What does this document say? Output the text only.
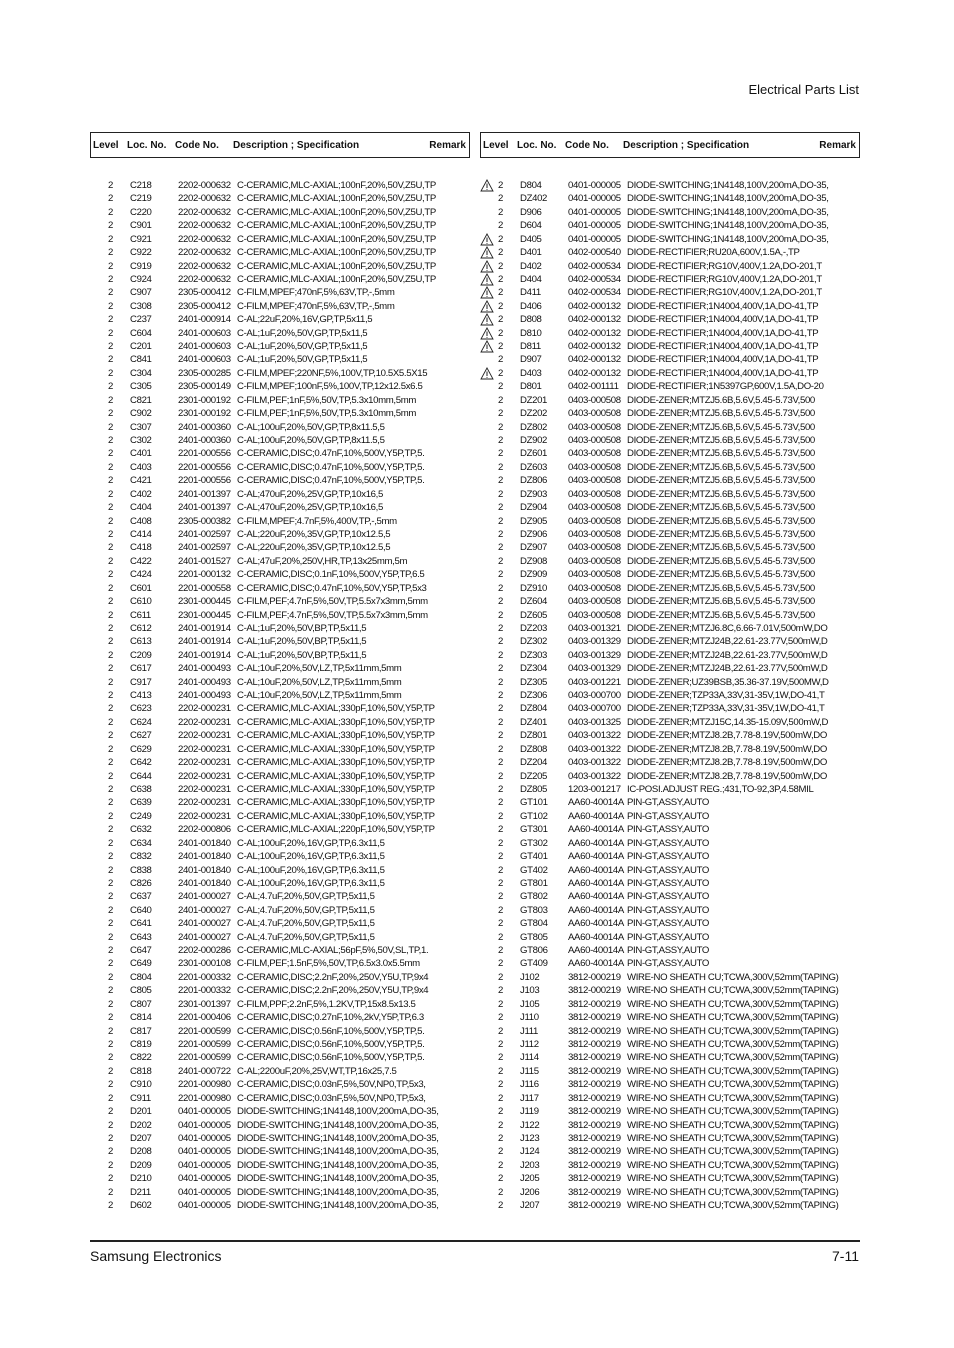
Electrical Parts List
Level Loc. No. Code No. Description ; Specification	Remark
2 C218	2202-000632 C-CERAMIC,MLC-AXIAL;100nF,20%,50V,Z5U,TP
2 C219	2202-000632 C-CERAMIC,MLC-AXIAL;100nF,20%,50V,Z5U,TP
2 C220	2202-000632 C-CERAMIC,MLC-AXIAL;100nF,20%,50V,Z5U,TP
2 C901	2202-000632 C-CERAMIC,MLC-AXIAL;100nF,20%,50V,Z5U,TP
2 C921	2202-000632 C-CERAMIC,MLC-AXIAL;100nF,20%,50V,Z5U,TP
2 C922	2202-000632 C-CERAMIC,MLC-AXIAL;100nF,20%,50V,Z5U,TP
2 C919	2202-000632 C-CERAMIC,MLC-AXIAL;100nF,20%,50V,Z5U,TP
2 C924	2202-000632 C-CERAMIC,MLC-AXIAL;100nF,20%,50V,Z5U,TP
2 C907	2305-000412 C-FILM,MPEF;470nF,5%,63V,TP,-,5mm
2 C308	2305-000412 C-FILM,MPEF;470nF,5%,63V,TP,-,5mm
2 C237	2401-000914 C-AL;22uF,20%,16V,GP,TP,5x11,5
2 C604	2401-000603 C-AL;1uF,20%,50V,GP,TP,5x11,5
2 C201	2401-000603 C-AL;1uF,20%,50V,GP,TP,5x11,5
2 C841	2401-000603 C-AL;1uF,20%,50V,GP,TP,5x11,5
2 C304	2305-000285 C-FILM,MPEF;220NF,5%,100V,TP,10.5X5.5X15
2 C305	2305-000149 C-FILM,MPEF;100nF,5%,100V,TP,12x12.5x6.5
2 C821	2301-000192 C-FILM,PEF;1nF,5%,50V,TP,5.3x10mm,5mm
2 C902	2301-000192 C-FILM,PEF;1nF,5%,50V,TP,5.3x10mm,5mm
2 C307	2401-000360 C-AL;100uF,20%,50V,GP,TP,8x11.5,5
2 C302	2401-000360 C-AL;100uF,20%,50V,GP,TP,8x11.5,5
2 C401	2201-000556 C-CERAMIC,DISC;0.47nF,10%,500V,Y5P,TP,5.
2 C403	2201-000556 C-CERAMIC,DISC;0.47nF,10%,500V,Y5P,TP,5.
2 C421	2201-000556 C-CERAMIC,DISC;0.47nF,10%,500V,Y5P,TP,5.
2 C402	2401-001397 C-AL;470uF,20%,25V,GP,TP,10x16,5
2 C404	2401-001397 C-AL;470uF,20%,25V,GP,TP,10x16,5
2 C408	2305-000382 C-FILM,MPEF;4.7nF,5%,400V,TP,-,5mm
2 C414	2401-002597 C-AL;220uF,20%,35V,GP,TP,10x12.5,5
2 C418	2401-002597 C-AL;220uF,20%,35V,GP,TP,10x12.5,5
2 C422	2401-001527 C-AL;47uF,20%,250V,HR,TP,13x25mm,5m
2 C424	2201-000132 C-CERAMIC,DISC;0.1nF,10%,500V,Y5P,TP,6.5
2 C601	2201-000558 C-CERAMIC,DISC;0.47nF,10%,50V,Y5P,TP,5x3
2 C610	2301-000445 C-FILM,PEF;4.7nF,5%,50V,TP,5.5x7x3mm,5mm
2 C611	2301-000445 C-FILM,PEF;4.7nF,5%,50V,TP,5.5x7x3mm,5mm
2 C612	2401-001914 C-AL;1uF,20%,50V,BP,TP,5x11,5
2 C613	2401-001914 C-AL;1uF,20%,50V,BP,TP,5x11,5
2 C209	2401-001914 C-AL;1uF,20%,50V,BP,TP,5x11,5
2 C617	2401-000493 C-AL;10uF,20%,50V,LZ,TP,5x11mm,5mm
2 C917	2401-000493 C-AL;10uF,20%,50V,LZ,TP,5x11mm,5mm
2 C413	2401-000493 C-AL;10uF,20%,50V,LZ,TP,5x11mm,5mm
2 C623	2202-000231 C-CERAMIC,MLC-AXIAL;330pF,10%,50V,Y5P,TP
2 C624	2202-000231 C-CERAMIC,MLC-AXIAL;330pF,10%,50V,Y5P,TP
2 C627	2202-000231 C-CERAMIC,MLC-AXIAL;330pF,10%,50V,Y5P,TP
2 C629	2202-000231 C-CERAMIC,MLC-AXIAL;330pF,10%,50V,Y5P,TP
2 C642	2202-000231 C-CERAMIC,MLC-AXIAL;330pF,10%,50V,Y5P,TP
2 C644	2202-000231 C-CERAMIC,MLC-AXIAL;330pF,10%,50V,Y5P,TP
2 C638	2202-000231 C-CERAMIC,MLC-AXIAL;330pF,10%,50V,Y5P,TP
2 C639	2202-000231 C-CERAMIC,MLC-AXIAL;330pF,10%,50V,Y5P,TP
2 C249	2202-000231 C-CERAMIC,MLC-AXIAL;330pF,10%,50V,Y5P,TP
2 C632	2202-000806 C-CERAMIC,MLC-AXIAL;220pF,10%,50V,Y5P,TP
2 C634	2401-001840 C-AL;100uF,20%,16V,GP,TP,6.3x11,5
2 C832	2401-001840 C-AL;100uF,20%,16V,GP,TP,6.3x11,5
2 C838	2401-001840 C-AL;100uF,20%,16V,GP,TP,6.3x11,5
2 C826	2401-001840 C-AL;100uF,20%,16V,GP,TP,6.3x11,5
2 C637	2401-000027 C-AL;4.7uF,20%,50V,GP,TP,5x11,5
2 C640	2401-000027 C-AL;4.7uF,20%,50V,GP,TP,5x11,5
2 C641	2401-000027 C-AL;4.7uF,20%,50V,GP,TP,5x11,5
2 C643	2401-000027 C-AL;4.7uF,20%,50V,GP,TP,5x11,5
2 C647	2202-000286 C-CERAMIC,MLC-AXIAL;56pF,5%,50V,SL,TP,1.
2 C649	2301-000108 C-FILM,PEF;1.5nF,5%,50V,TP,6.5x3.0x5.5mm
2 C804	2201-000332 C-CERAMIC,DISC;2.2nF,20%,250V,Y5U,TP,9x4
2 C805	2201-000332 C-CERAMIC,DISC;2.2nF,20%,250V,Y5U,TP,9x4
2 C807	2301-001397 C-FILM,PPF;2.2nF,5%,1.2KV,TP,15x8.5x13.5
2 C814	2201-000406 C-CERAMIC,DISC;0.27nF,10%,2kV,Y5P,TP,6.3
2 C817	2201-000599 C-CERAMIC,DISC;0.56nF,10%,500V,Y5P,TP,5.
2 C819	2201-000599 C-CERAMIC,DISC;0.56nF,10%,500V,Y5P,TP,5.
2 C822	2201-000599 C-CERAMIC,DISC;0.56nF,10%,500V,Y5P,TP,5.
2 C818	2401-000722 C-AL;2200uF,20%,25V,WT,TP,16x25,7.5
2 C910	2201-000980 C-CERAMIC,DISC;0.03nF,5%,50V,NP0,TP,5x3,
2 C911	2201-000980 C-CERAMIC,DISC;0.03nF,5%,50V,NP0,TP,5x3,
2 D201	0401-000005 DIODE-SWITCHING;1N4148,100V,200mA,DO-35,
2 D202	0401-000005 DIODE-SWITCHING;1N4148,100V,200mA,DO-35,
2 D207	0401-000005 DIODE-SWITCHING;1N4148,100V,200mA,DO-35,
2 D208	0401-000005 DIODE-SWITCHING;1N4148,100V,200mA,DO-35,
2 D209	0401-000005 DIODE-SWITCHING;1N4148,100V,200mA,DO-35,
2 D210	0401-000005 DIODE-SWITCHING;1N4148,100V,200mA,DO-35,
2 D211	0401-000005 DIODE-SWITCHING;1N4148,100V,200mA,DO-35,
2 D602	0401-000005 DIODE-SWITCHING;1N4148,100V,200mA,DO-35,
Level Loc. No. Code No. Description ; Specification	Remark
2 D804	0401-000005 DIODE-SWITCHING;1N4148,100V,200mA,DO-35,
2 DZ402 0401-000005 DIODE-SWITCHING;1N4148,100V,200mA,DO-35,
2 D906	0401-000005 DIODE-SWITCHING;1N4148,100V,200mA,DO-35,
2 D604	0401-000005 DIODE-SWITCHING;1N4148,100V,200mA,DO-35,
2 D405	0401-000005 DIODE-SWITCHING;1N4148,100V,200mA,DO-35,
2 D401	0402-000540 DIODE-RECTIFIER;RU20A,600V,1.5A,-,TP
2 D402	0402-000534 DIODE-RECTIFIER;RG10V,400V,1.2A,DO-201,T
2 D404	0402-000534 DIODE-RECTIFIER;RG10V,400V,1.2A,DO-201,T
2 D411	0402-000534 DIODE-RECTIFIER;RG10V,400V,1.2A,DO-201,T
2 D406	0402-000132 DIODE-RECTIFIER;1N4004,400V,1A,DO-41,TP
2 D808	0402-000132 DIODE-RECTIFIER;1N4004,400V,1A,DO-41,TP
2 D810	0402-000132 DIODE-RECTIFIER;1N4004,400V,1A,DO-41,TP
2 D811	0402-000132 DIODE-RECTIFIER;1N4004,400V,1A,DO-41,TP
2 D907	0402-000132 DIODE-RECTIFIER;1N4004,400V,1A,DO-41,TP
2 D403	0402-000132 DIODE-RECTIFIER;1N4004,400V,1A,DO-41,TP
2 D801	0402-001111 DIODE-RECTIFIER;1N5397GP,600V,1.5A,DO-20
2 DZ201 0403-000508 DIODE-ZENER;MTZJ5.6B,5.6V,5.45-5.73V,500
2 DZ202 0403-000508 DIODE-ZENER;MTZJ5.6B,5.6V,5.45-5.73V,500
2 DZ802 0403-000508 DIODE-ZENER;MTZJ5.6B,5.6V,5.45-5.73V,500
2 DZ902 0403-000508 DIODE-ZENER;MTZJ5.6B,5.6V,5.45-5.73V,500
2 DZ601 0403-000508 DIODE-ZENER;MTZJ5.6B,5.6V,5.45-5.73V,500
2 DZ603 0403-000508 DIODE-ZENER;MTZJ5.6B,5.6V,5.45-5.73V,500
2 DZ806 0403-000508 DIODE-ZENER;MTZJ5.6B,5.6V,5.45-5.73V,500
2 DZ903 0403-000508 DIODE-ZENER;MTZJ5.6B,5.6V,5.45-5.73V,500
2 DZ904 0403-000508 DIODE-ZENER;MTZJ5.6B,5.6V,5.45-5.73V,500
2 DZ905 0403-000508 DIODE-ZENER;MTZJ5.6B,5.6V,5.45-5.73V,500
2 DZ906 0403-000508 DIODE-ZENER;MTZJ5.6B,5.6V,5.45-5.73V,500
2 DZ907 0403-000508 DIODE-ZENER;MTZJ5.6B,5.6V,5.45-5.73V,500
2 DZ908 0403-000508 DIODE-ZENER;MTZJ5.6B,5.6V,5.45-5.73V,500
2 DZ909 0403-000508 DIODE-ZENER;MTZJ5.6B,5.6V,5.45-5.73V,500
2 DZ910 0403-000508 DIODE-ZENER;MTZJ5.6B,5.6V,5.45-5.73V,500
2 DZ604 0403-000508 DIODE-ZENER;MTZJ5.6B,5.6V,5.45-5.73V,500
2 DZ605 0403-000508 DIODE-ZENER;MTZJ5.6B,5.6V,5.45-5.73V,500
2 DZ203 0403-001321 DIODE-ZENER;MTZJ6.8C,6.66-7.01V,500mW,DO
2 DZ302 0403-001329 DIODE-ZENER;MTZJ24B,22.61-23.77V,500mW,D
2 DZ303 0403-001329 DIODE-ZENER;MTZJ24B,22.61-23.77V,500mW,D
2 DZ304 0403-001329 DIODE-ZENER;MTZJ24B,22.61-23.77V,500mW,D
2 DZ305 0403-001221 DIODE-ZENER;UZ39BSB,35.36-37.19V,500MW,D
2 DZ306 0403-000700 DIODE-ZENER;TZP33A,33V,31-35V,1W,DO-41,T
2 DZ804 0403-000700 DIODE-ZENER;TZP33A,33V,31-35V,1W,DO-41,T
2 DZ401 0403-001325 DIODE-ZENER;MTZJ15C,14.35-15.09V,500mW,D
2 DZ801 0403-001322 DIODE-ZENER;MTZJ8.2B,7.78-8.19V,500mW,DO
2 DZ808 0403-001322 DIODE-ZENER;MTZJ8.2B,7.78-8.19V,500mW,DO
2 DZ204 0403-001322 DIODE-ZENER;MTZJ8.2B,7.78-8.19V,500mW,DO
2 DZ205 0403-001322 DIODE-ZENER;MTZJ8.2B,7.78-8.19V,500mW,DO
2 DZ805 1203-001217 IC-POSI.ADJUST REG.;431,TO-92,3P,4.58MIL
2 GT101 AA60-40014A PIN-GT,ASSY,AUTO
2 GT102 AA60-40014A PIN-GT,ASSY,AUTO
2 GT301 AA60-40014A PIN-GT,ASSY,AUTO
2 GT302 AA60-40014A PIN-GT,ASSY,AUTO
2 GT401 AA60-40014A PIN-GT,ASSY,AUTO
2 GT402 AA60-40014A PIN-GT,ASSY,AUTO
2 GT801 AA60-40014A PIN-GT,ASSY,AUTO
2 GT802 AA60-40014A PIN-GT,ASSY,AUTO
2 GT803 AA60-40014A PIN-GT,ASSY,AUTO
2 GT804 AA60-40014A PIN-GT,ASSY,AUTO
2 GT805 AA60-40014A PIN-GT,ASSY,AUTO
2 GT806 AA60-40014A PIN-GT,ASSY,AUTO
2 GT409 AA60-40014A PIN-GT,ASSY,AUTO
2 J102	3812-000219 WIRE-NO SHEATH CU;TCWA,300V,52mm(TAPING)
2 J103	3812-000219 WIRE-NO SHEATH CU;TCWA,300V,52mm(TAPING)
2 J105	3812-000219 WIRE-NO SHEATH CU;TCWA,300V,52mm(TAPING)
2 J110	3812-000219 WIRE-NO SHEATH CU;TCWA,300V,52mm(TAPING)
2 J111	3812-000219 WIRE-NO SHEATH CU;TCWA,300V,52mm(TAPING)
2 J112	3812-000219 WIRE-NO SHEATH CU;TCWA,300V,52mm(TAPING)
2 J114	3812-000219 WIRE-NO SHEATH CU;TCWA,300V,52mm(TAPING)
2 J115	3812-000219 WIRE-NO SHEATH CU;TCWA,300V,52mm(TAPING)
2 J116	3812-000219 WIRE-NO SHEATH CU;TCWA,300V,52mm(TAPING)
2 J117	3812-000219 WIRE-NO SHEATH CU;TCWA,300V,52mm(TAPING)
2 J119	3812-000219 WIRE-NO SHEATH CU;TCWA,300V,52mm(TAPING)
2 J122	3812-000219 WIRE-NO SHEATH CU;TCWA,300V,52mm(TAPING)
2 J123	3812-000219 WIRE-NO SHEATH CU;TCWA,300V,52mm(TAPING)
2 J124	3812-000219 WIRE-NO SHEATH CU;TCWA,300V,52mm(TAPING)
2 J203	3812-000219 WIRE-NO SHEATH CU;TCWA,300V,52mm(TAPING)
2 J205	3812-000219 WIRE-NO SHEATH CU;TCWA,300V,52mm(TAPING)
2 J206	3812-000219 WIRE-NO SHEATH CU;TCWA,300V,52mm(TAPING)
2 J207	3812-000219 WIRE-NO SHEATH CU;TCWA,300V,52mm(TAPING)
Samsung Electronics	7-11
